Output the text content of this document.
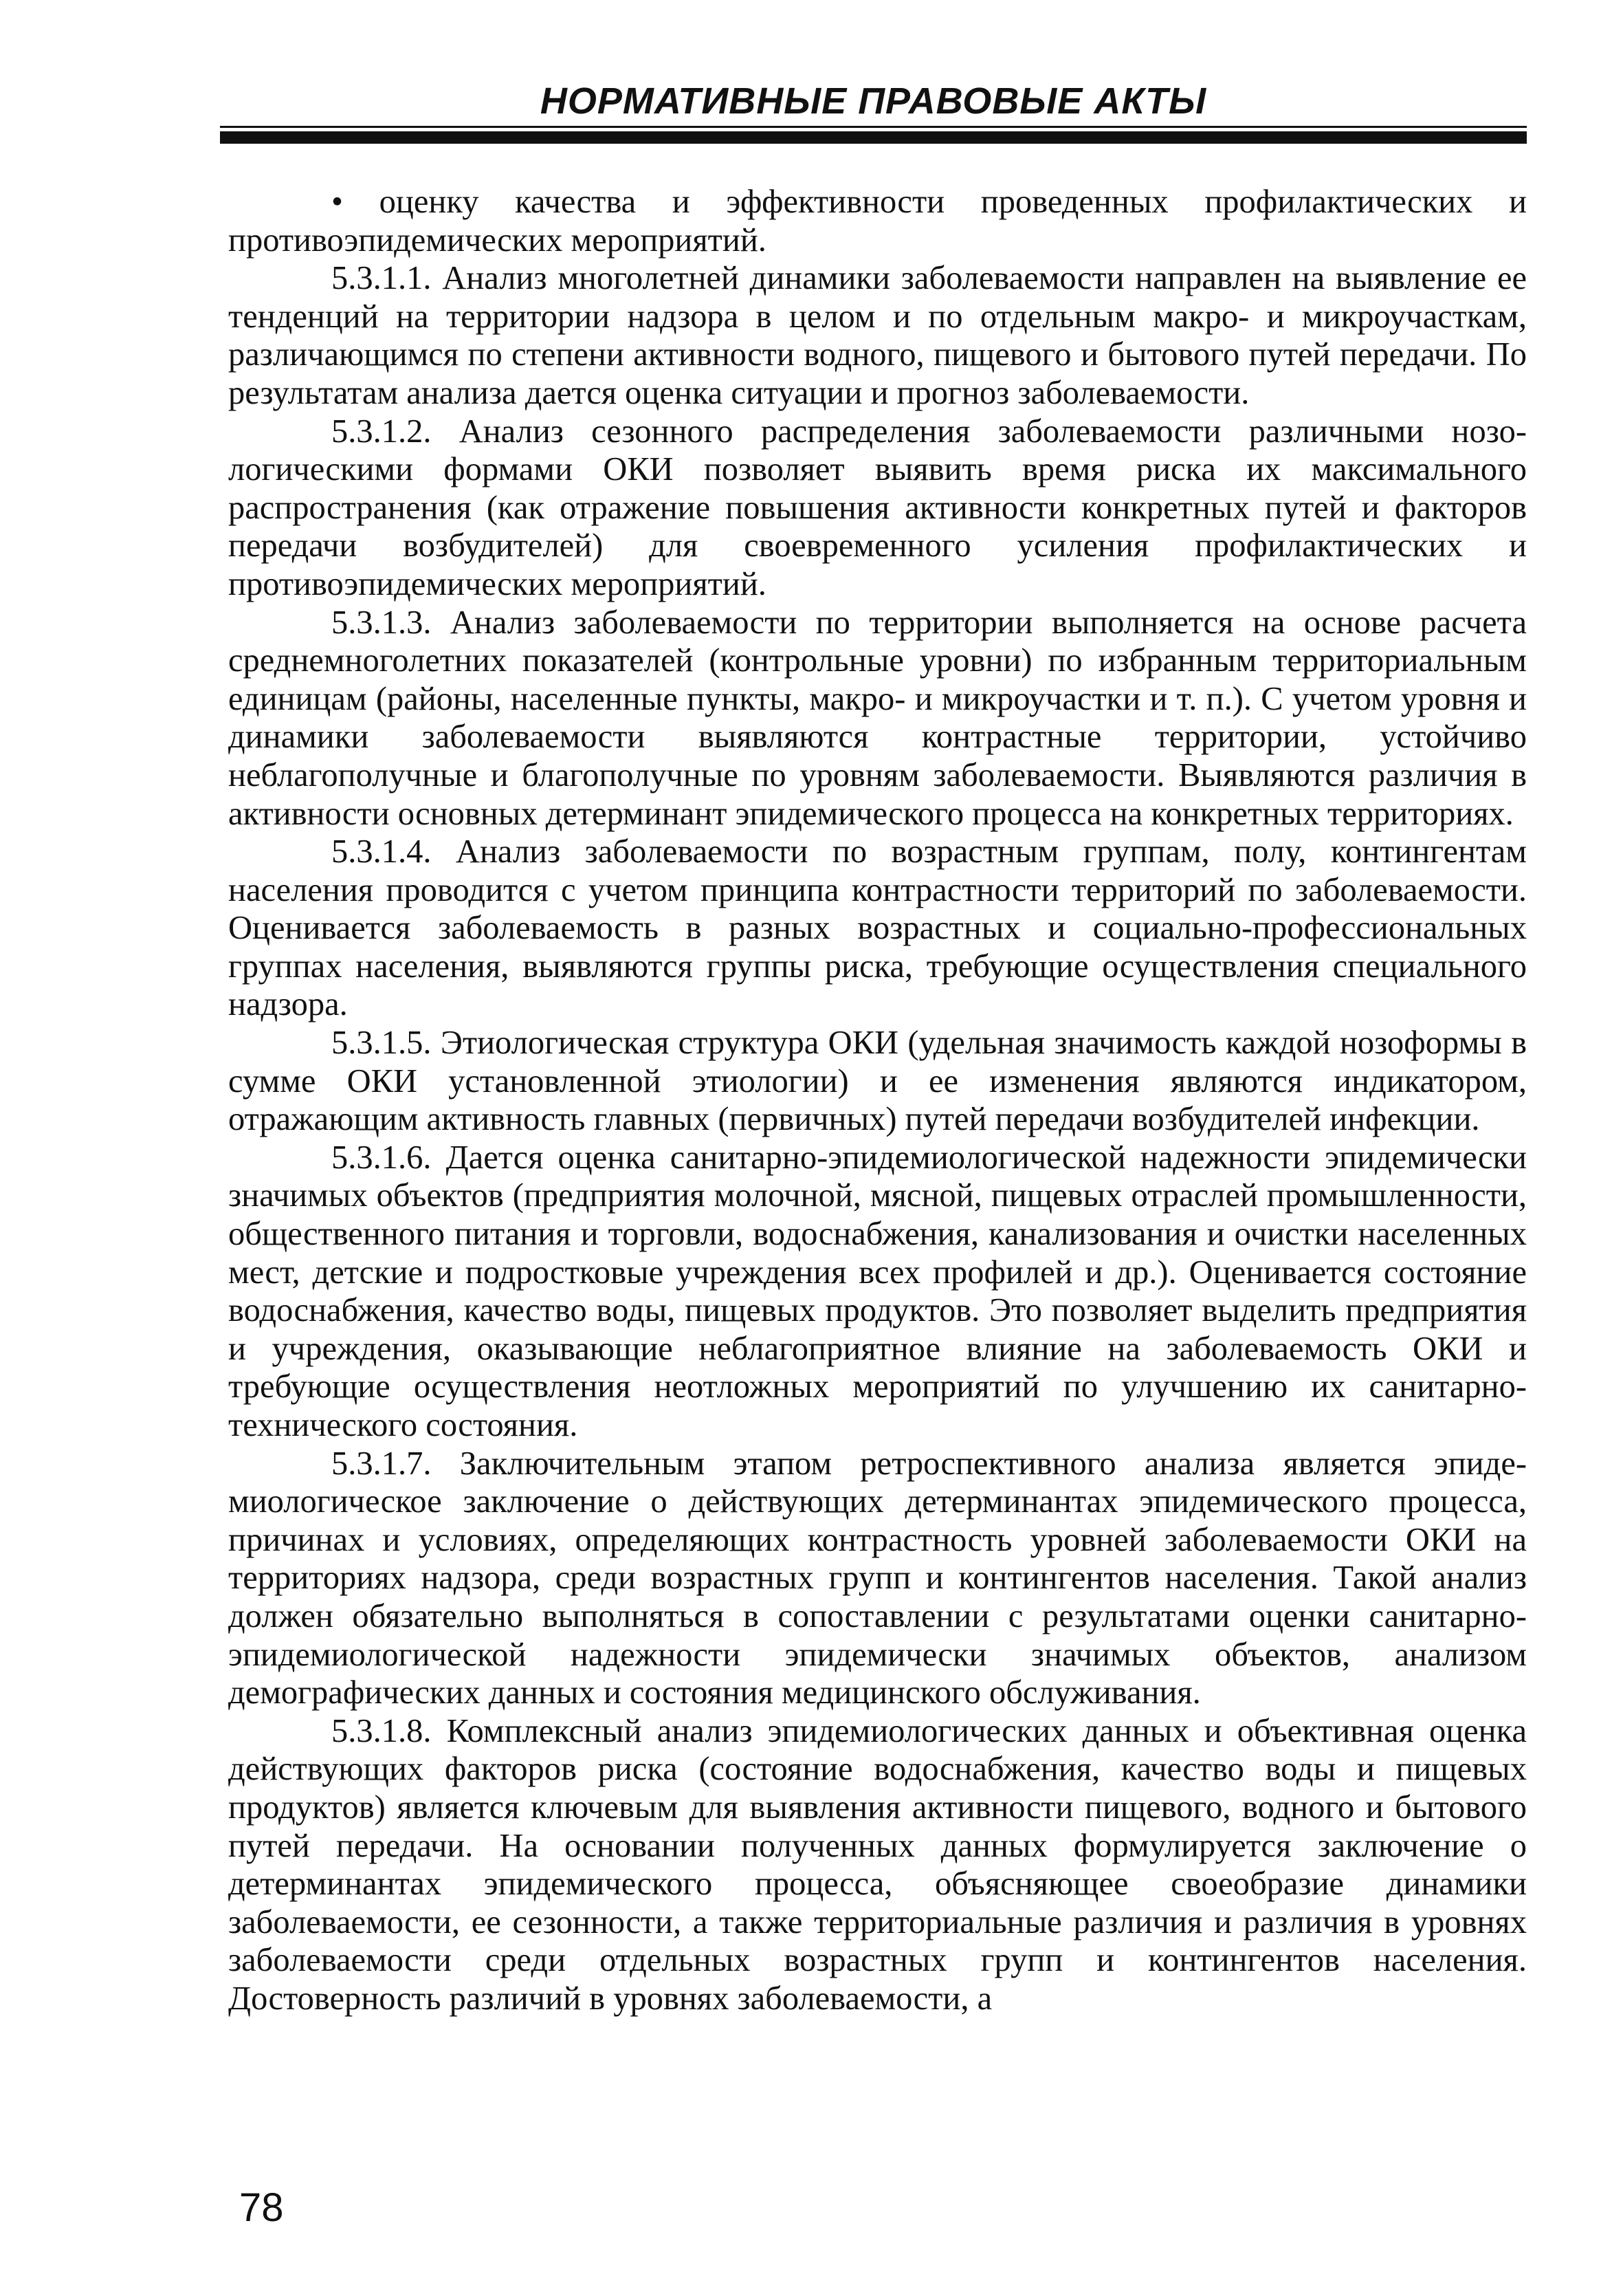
НОРМАТИВНЫЕ ПРАВОВЫЕ АКТЫ

• оценку качества и эффективности проведенных профилактических и противоэпидемических мероприятий.

5.3.1.1. Анализ многолетней динамики заболеваемости направлен на выявление ее тенденций на территории надзора в целом и по отдельным макро- и микроучасткам, различающимся по степени активности водного, пищевого и бытового путей передачи. По результатам анализа дается оценка ситуации и прогноз заболеваемости.

5.3.1.2. Анализ сезонного распределения заболеваемости различными нозологическими формами ОКИ позволяет выявить время риска их максимального распространения (как отражение повышения активности конкретных путей и факторов передачи возбудителей) для своевременного усиления профилактических и противоэпидемических мероприятий.

5.3.1.3. Анализ заболеваемости по территории выполняется на основе расчета среднемноголетних показателей (контрольные уровни) по избранным территориальным единицам (районы, населенные пункты, макро- и микроучастки и т. п.). С учетом уровня и динамики заболеваемости выявляются контрастные территории, устойчиво неблагополучные и благополучные по уровням заболеваемости. Выявляются различия в активности основных детерминант эпидемического процесса на конкретных территориях.

5.3.1.4. Анализ заболеваемости по возрастным группам, полу, контингентам населения проводится с учетом принципа контрастности территорий по заболеваемости. Оценивается заболеваемость в разных возрастных и социально-профессиональных группах населения, выявляются группы риска, требующие осуществления специального надзора.

5.3.1.5. Этиологическая структура ОКИ (удельная значимость каждой нозоформы в сумме ОКИ установленной этиологии) и ее изменения являются индикатором, отражающим активность главных (первичных) путей передачи возбудителей инфекции.

5.3.1.6. Дается оценка санитарно-эпидемиологической надежности эпидемически значимых объектов (предприятия молочной, мясной, пищевых отраслей промышленности, общественного питания и торговли, водоснабжения, канализования и очистки населенных мест, детские и подростковые учреждения всех профилей и др.). Оценивается состояние водоснабжения, качество воды, пищевых продуктов. Это позволяет выделить предприятия и учреждения, оказывающие неблагоприятное влияние на заболеваемость ОКИ и требующие осуществления неотложных мероприятий по улучшению их санитарно-технического состояния.

5.3.1.7. Заключительным этапом ретроспективного анализа является эпидемиологическое заключение о действующих детерминантах эпидемического процесса, причинах и условиях, определяющих контрастность уровней заболеваемости ОКИ на территориях надзора, среди возрастных групп и контингентов населения. Такой анализ должен обязательно выполняться в сопоставлении с результатами оценки санитарно-эпидемиологической надежности эпидемически значимых объектов, анализом демографических данных и состояния медицинского обслуживания.

5.3.1.8. Комплексный анализ эпидемиологических данных и объективная оценка действующих факторов риска (состояние водоснабжения, качество воды и пищевых продуктов) является ключевым для выявления активности пищевого, водного и бытового путей передачи. На основании полученных данных формулируется заключение о детерминантах эпидемического процесса, объясняющее своеобразие динамики заболеваемости, ее сезонности, а также территориальные различия и различия в уровнях заболеваемости среди отдельных возрастных групп и контингентов населения. Достоверность различий в уровнях заболеваемости, а

78
